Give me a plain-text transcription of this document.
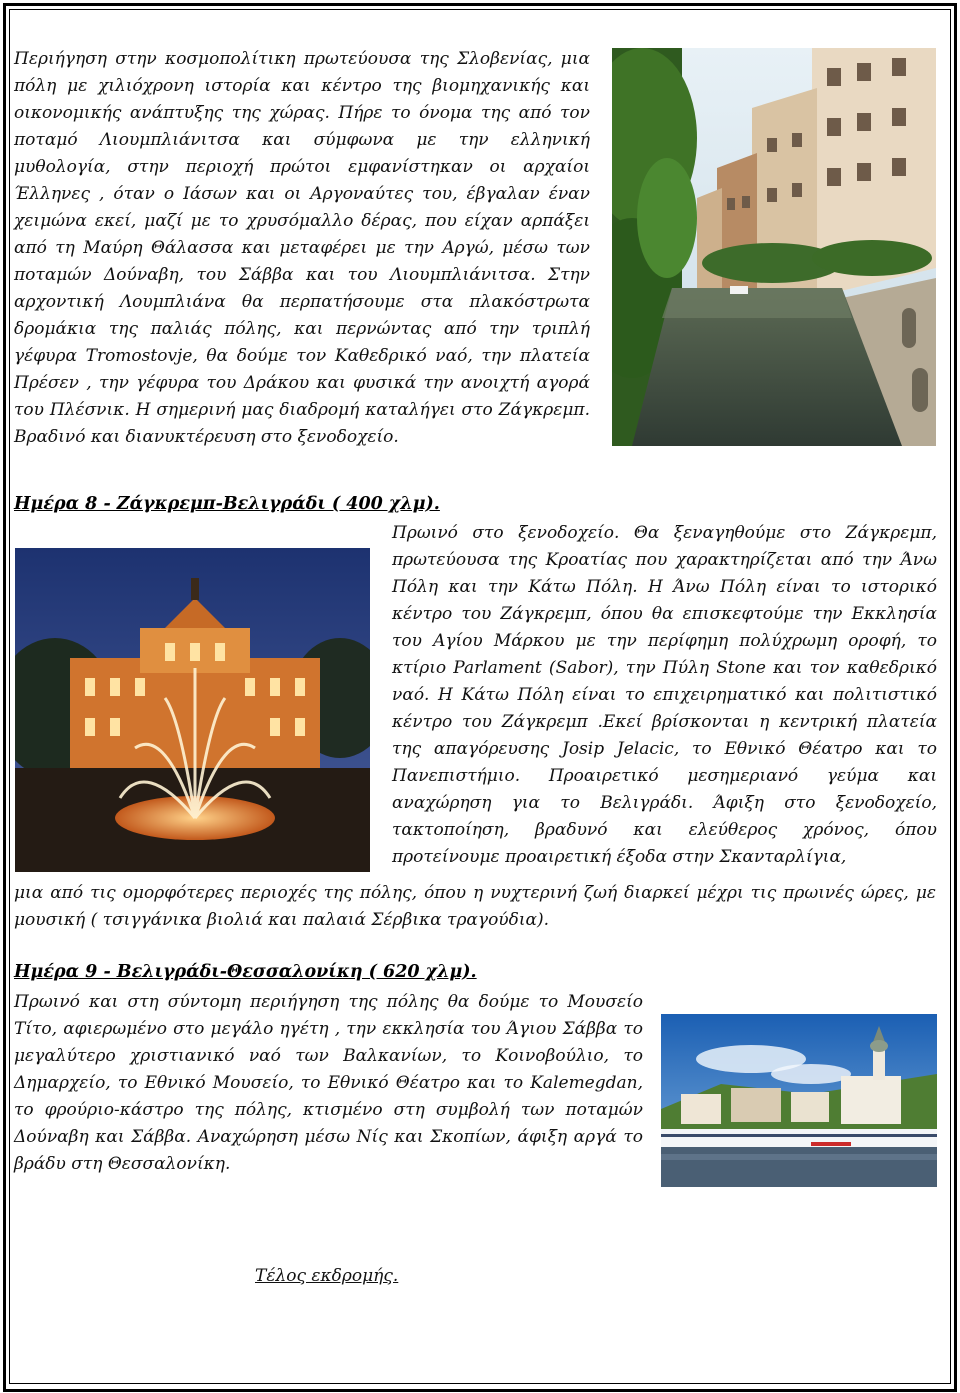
Περιήγηση στην κοσμοπολίτικη πρωτεύουσα της Σλοβενίας, μια πόλη με χιλιόχρονη ιστορία και κέντρο της βιομηχανικής και οικονομικής ανάπτυξης της χώρας. Πήρε το όνομα της από τον ποταμό Λιουμπλιάνιτσα και σύμφωνα με την ελληνική μυθολογία, στην περιοχή πρώτοι εμφανίστηκαν οι αρχαίοι Έλληνες , όταν ο Ιάσων και οι Αργοναύτες του, έβγαλαν έναν χειμώνα εκεί, μαζί με το χρυσόμαλλο δέρας, που είχαν αρπάξει από τη Μαύρη Θάλασσα και μεταφέρει με την Αργώ, μέσω των ποταμών Δούναβη, του Σάββα και του Λιουμπλιάνιτσα. Στην αρχοντική Λουμπλιάνα θα περπατήσουμε στα πλακόστρωτα δρομάκια της παλιάς πόλης, και περνώντας από την τριπλή γέφυρα Tromostovje, θα δούμε τον Καθεδρικό ναό, την πλατεία Πρέσεν , την γέφυρα του Δράκου και φυσικά την ανοιχτή αγορά του Πλέσνικ. Η σημερινή μας διαδρομή καταλήγει στο Ζάγκρεμπ. Βραδινό και διανυκτέρευση στο ξενοδοχείο.

Ημέρα 8 - Ζάγκρεμπ-Βελιγράδι ( 400 χλμ).

Πρωινό στο ξενοδοχείο. Θα ξεναγηθούμε στο Ζάγκρεμπ, πρωτεύουσα της Κροατίας που χαρακτηρίζεται από την Άνω Πόλη και την Κάτω Πόλη. Η Άνω Πόλη είναι το ιστορικό κέντρο του Ζάγκρεμπ, όπου θα επισκεφτούμε την Εκκλησία του Αγίου Μάρκου με την περίφημη πολύχρωμη οροφή, το κτίριο Parlament (Sabor), την Πύλη Stone και τον καθεδρικό ναό. Η Κάτω Πόλη είναι το επιχειρηματικό και πολιτιστικό κέντρο του Ζάγκρεμπ .Εκεί βρίσκονται η κεντρική πλατεία της απαγόρευσης Josip Jelacic, το Εθνικό Θέατρο και το Πανεπιστήμιο. Προαιρετικό μεσημεριανό γεύμα και αναχώρηση για το Βελιγράδι. Άφιξη στο ξενοδοχείο, τακτοποίηση, βραδυνό και ελεύθερος χρόνος, όπου προτείνουμε προαιρετική έξοδα στην Σκανταρλίγια,

μια από τις ομορφότερες περιοχές της πόλης, όπου η νυχτερινή ζωή διαρκεί μέχρι τις πρωινές ώρες, με μουσική ( τσιγγάνικα βιολιά και παλαιά Σέρβικα τραγούδια).

Ημέρα 9 - Βελιγράδι-Θεσσαλονίκη ( 620 χλμ).

Πρωινό και στη σύντομη περιήγηση της πόλης θα δούμε το Μουσείο Τίτο, αφιερωμένο στο μεγάλο ηγέτη , την εκκλησία του Άγιου Σάββα το μεγαλύτερο χριστιανικό ναό των Βαλκανίων, το Κοινοβούλιο, το Δημαρχείο, το Εθνικό Μουσείο, το Εθνικό Θέατρο και το Kalemegdan, το φρούριο-κάστρο της πόλης, κτισμένο στη συμβολή των ποταμών Δούναβη και Σάββα. Αναχώρηση μέσω Νίς και Σκοπίων, άφιξη αργά το βράδυ στη Θεσσαλονίκη.

Τέλος εκδρομής.
